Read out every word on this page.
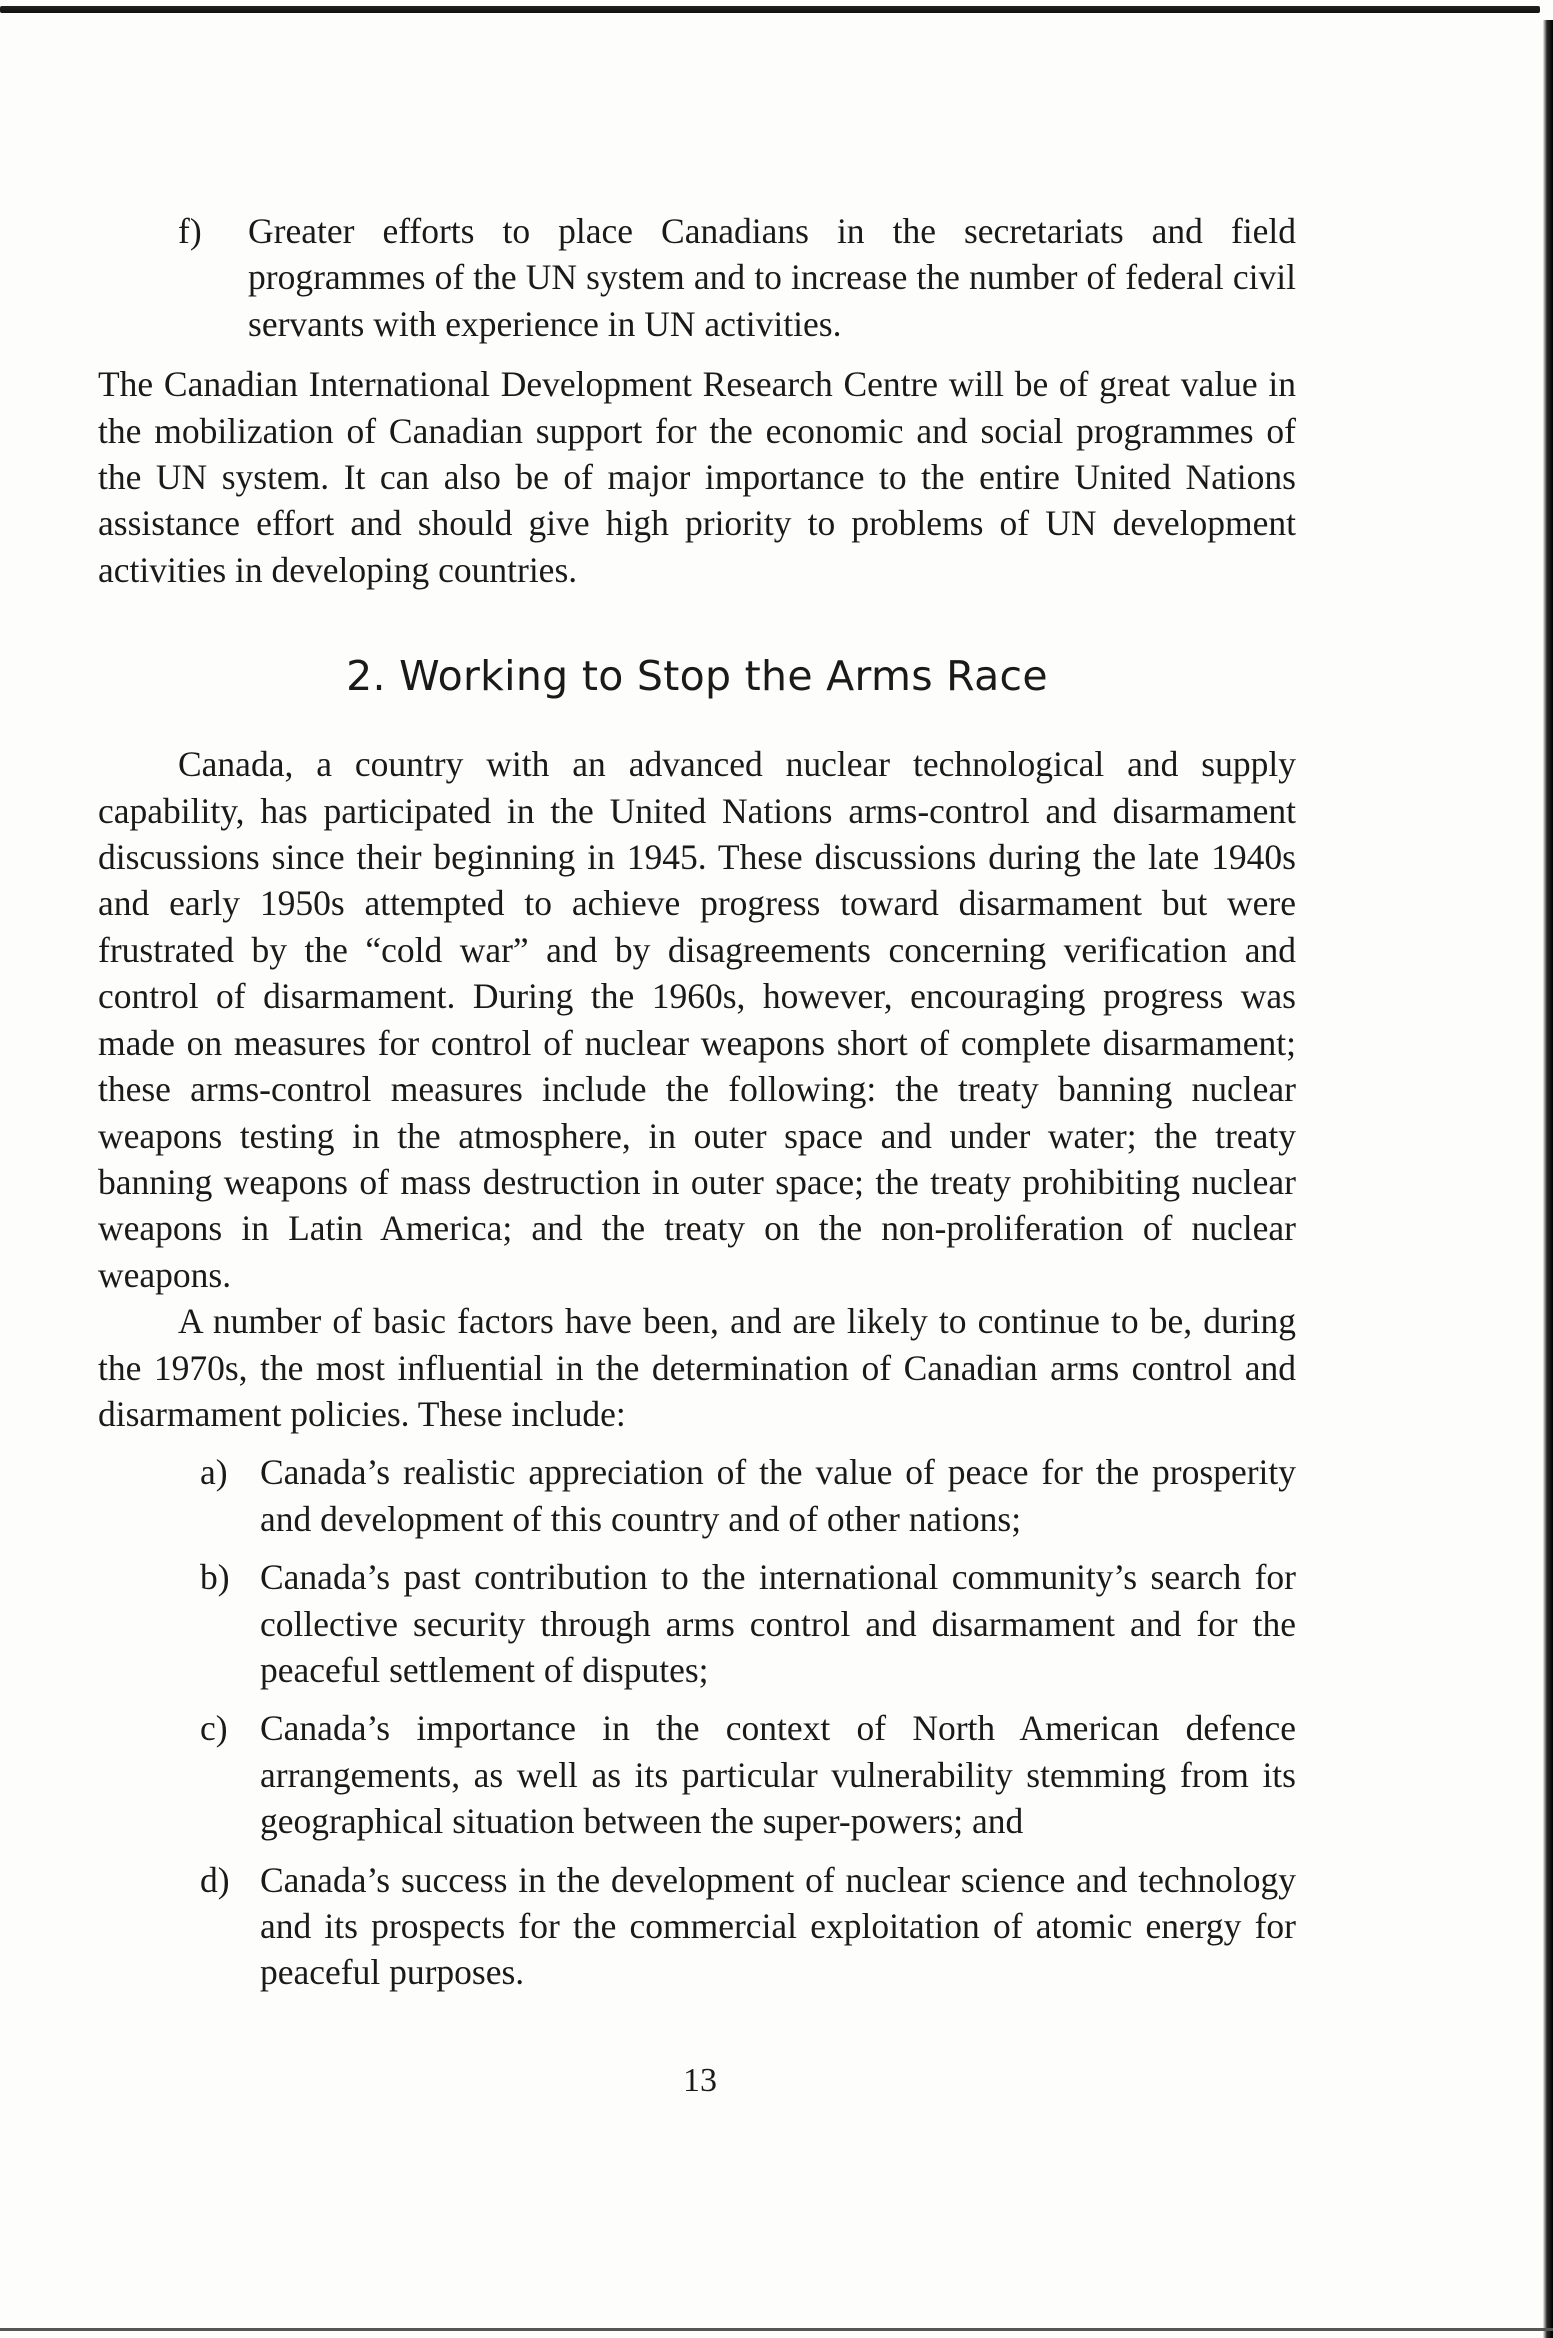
f) Greater efforts to place Canadians in the secretariats and field programmes of the UN system and to increase the number of federal civil servants with experience in UN activities.

The Canadian International Development Research Centre will be of great value in the mobilization of Canadian support for the economic and social programmes of the UN system. It can also be of major importance to the entire United Nations assistance effort and should give high priority to problems of UN development activities in developing countries.

2. Working to Stop the Arms Race

Canada, a country with an advanced nuclear technological and supply capability, has participated in the United Nations arms-control and disarmament discussions since their beginning in 1945. These discussions during the late 1940s and early 1950s attempted to achieve progress toward disarmament but were frustrated by the “cold war” and by disagreements concerning verification and control of disarmament. During the 1960s, however, encouraging progress was made on measures for control of nuclear weapons short of complete disarmament; these arms-control measures include the following: the treaty banning nuclear weapons testing in the atmosphere, in outer space and under water; the treaty banning weapons of mass destruction in outer space; the treaty prohibiting nuclear weapons in Latin America; and the treaty on the non-proliferation of nuclear weapons.

A number of basic factors have been, and are likely to continue to be, during the 1970s, the most influential in the determination of Canadian arms control and disarmament policies. These include:

a) Canada’s realistic appreciation of the value of peace for the prosperity and development of this country and of other nations;
b) Canada’s past contribution to the international community’s search for collective security through arms control and disarmament and for the peaceful settlement of disputes;
c) Canada’s importance in the context of North American defence arrangements, as well as its particular vulnerability stemming from its geographical situation between the super-powers; and
d) Canada’s success in the development of nuclear science and technology and its prospects for the commercial exploitation of atomic energy for peaceful purposes.
13
